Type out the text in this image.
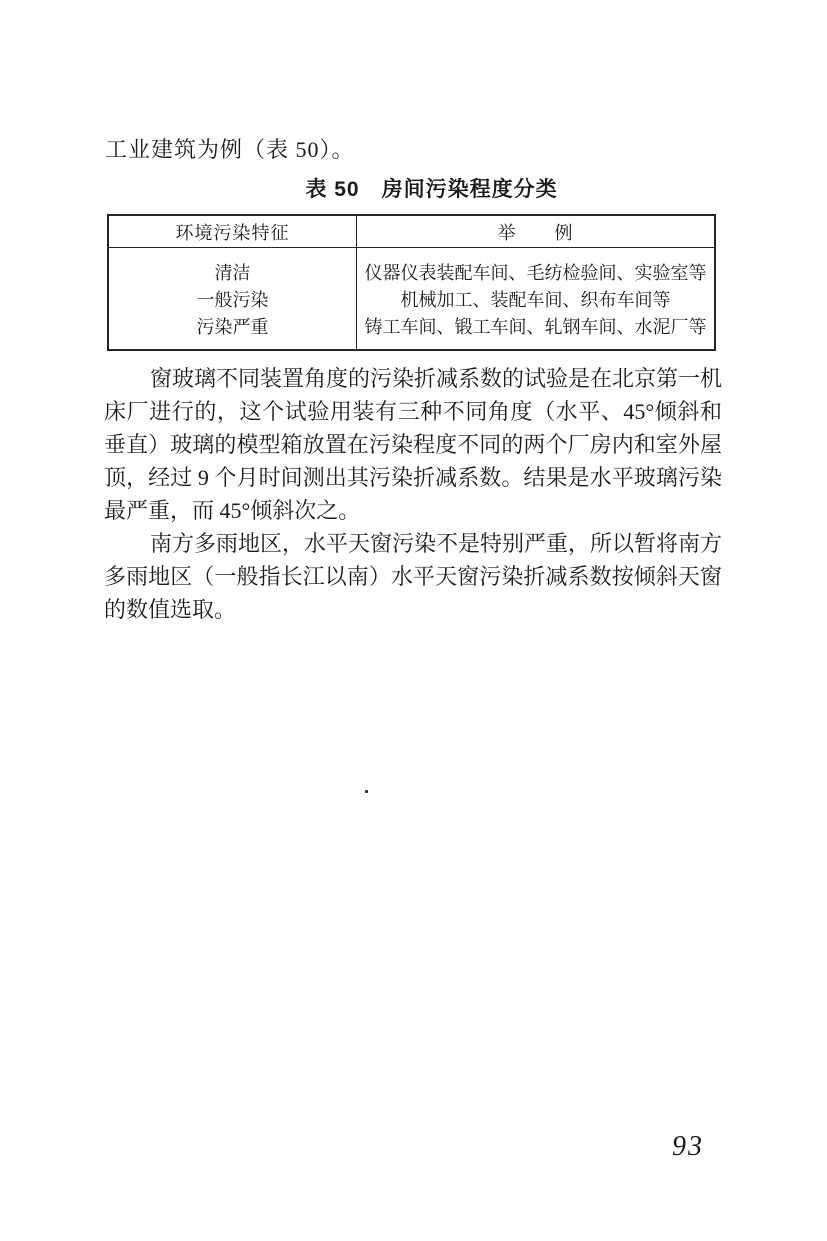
工业建筑为例（表 50）。
表 50　房间污染程度分类
环境污染特征	举　　例
清洁	仪器仪表装配车间、毛纺检验间、实验室等
一般污染	机械加工、装配车间、织布车间等
污染严重	铸工车间、锻工车间、轧钢车间、水泥厂等
窗玻璃不同装置角度的污染折减系数的试验是在北京第一机
床厂进行的，这个试验用装有三种不同角度（水平、45°倾斜和
垂直）玻璃的模型箱放置在污染程度不同的两个厂房内和室外屋
顶，经过 9 个月时间测出其污染折减系数。结果是水平玻璃污染
最严重，而 45°倾斜次之。
南方多雨地区，水平天窗污染不是特别严重，所以暂将南方
多雨地区（一般指长江以南）水平天窗污染折减系数按倾斜天窗
的数值选取。
93
